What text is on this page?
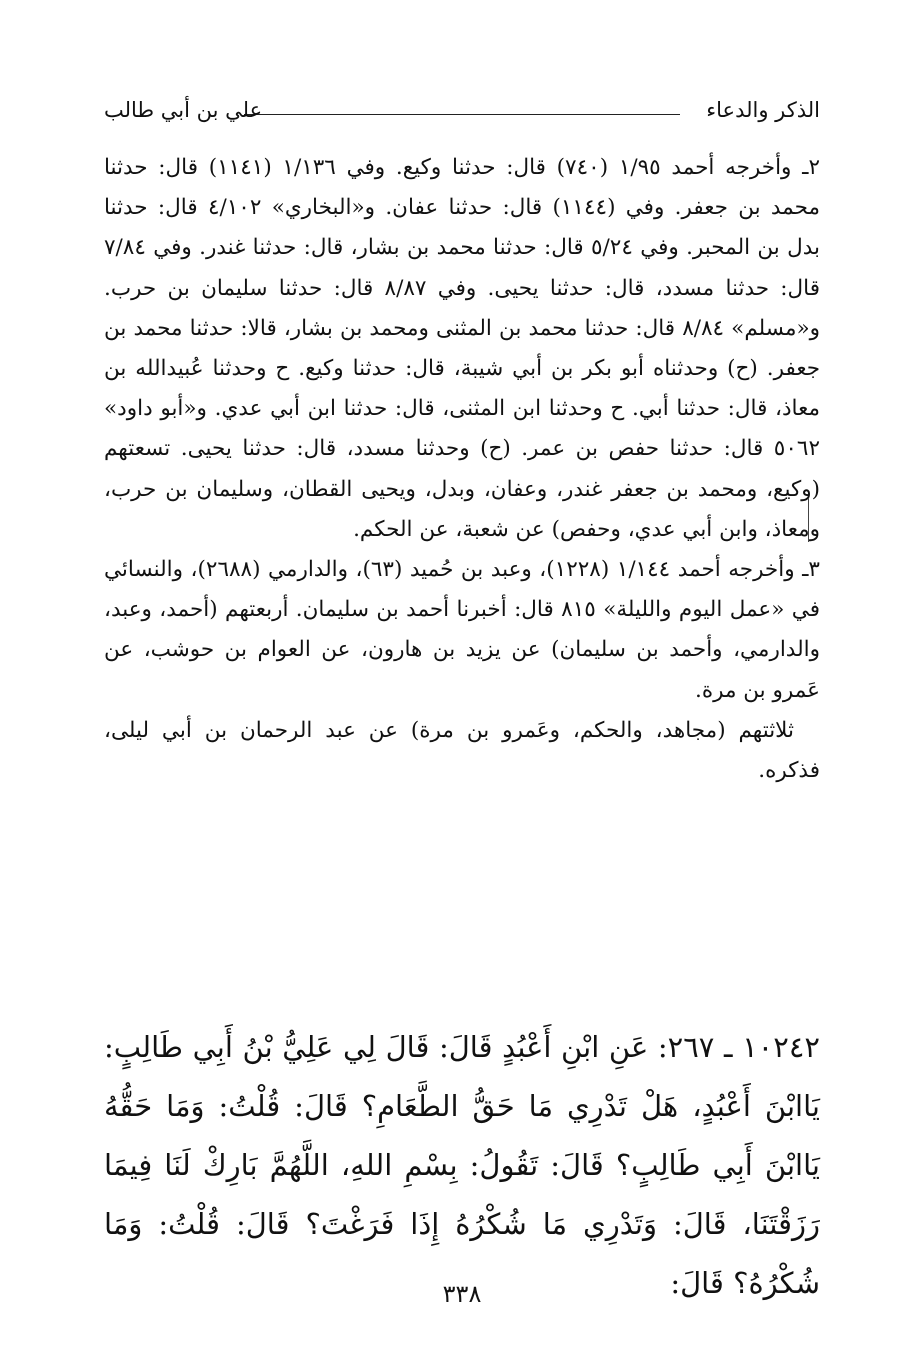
الذكر والدعاء
علي بن أبي طالب

٢ـ وأخرجه أحمد ١/٩٥ (٧٤٠) قال: حدثنا وكيع. وفي ١/١٣٦ (١١٤١) قال: حدثنا محمد بن جعفر. وفي (١١٤٤) قال: حدثنا عفان. و«البخاري» ٤/١٠٢ قال: حدثنا بدل بن المحبر. وفي ٥/٢٤ قال: حدثنا محمد بن بشار، قال: حدثنا غندر. وفي ٧/٨٤ قال: حدثنا مسدد، قال: حدثنا يحيى. وفي ٨/٨٧ قال: حدثنا سليمان بن حرب. و«مسلم» ٨/٨٤ قال: حدثنا محمد بن المثنى ومحمد بن بشار، قالا: حدثنا محمد بن جعفر. (ح) وحدثناه أبو بكر بن أبي شيبة، قال: حدثنا وكيع. ح وحدثنا عُبيدالله بن معاذ، قال: حدثنا أبي. ح وحدثنا ابن المثنى، قال: حدثنا ابن أبي عدي. و«أبو داود» ٥٠٦٢ قال: حدثنا حفص بن عمر. (ح) وحدثنا مسدد، قال: حدثنا يحيى. تسعتهم (وكيع، ومحمد بن جعفر غندر، وعفان، وبدل، ويحيى القطان، وسليمان بن حرب، ومعاذ، وابن أبي عدي، وحفص) عن شعبة، عن الحكم.

٣ـ وأخرجه أحمد ١/١٤٤ (١٢٢٨)، وعبد بن حُميد (٦٣)، والدارمي (٢٦٨٨)، والنسائي في «عمل اليوم والليلة» ٨١٥ قال: أخبرنا أحمد بن سليمان. أربعتهم (أحمد، وعبد، والدارمي، وأحمد بن سليمان) عن يزيد بن هارون، عن العوام بن حوشب، عن عَمرو بن مرة.

ثلاثتهم (مجاهد، والحكم، وعَمرو بن مرة) عن عبد الرحمان بن أبي ليلى، فذكره.

١٠٢٤٢ ـ ٢٦٧: عَنِ ابْنِ أَعْبُدٍ قَالَ: قَالَ لِي عَلِيُّ بْنُ أَبِي طَالِبٍ: يَاابْنَ أَعْبُدٍ، هَلْ تَدْرِي مَا حَقُّ الطَّعَامِ؟ قَالَ: قُلْتُ: وَمَا حَقُّهُ يَاابْنَ أَبِي طَالِبٍ؟ قَالَ: تَقُولُ: بِسْمِ اللهِ، اللَّهُمَّ بَارِكْ لَنَا فِيمَا رَزَقْتَنَا، قَالَ: وَتَدْرِي مَا شُكْرُهُ إِذَا فَرَغْتَ؟ قَالَ: قُلْتُ: وَمَا شُكْرُهُ؟ قَالَ:

٣٣٨
